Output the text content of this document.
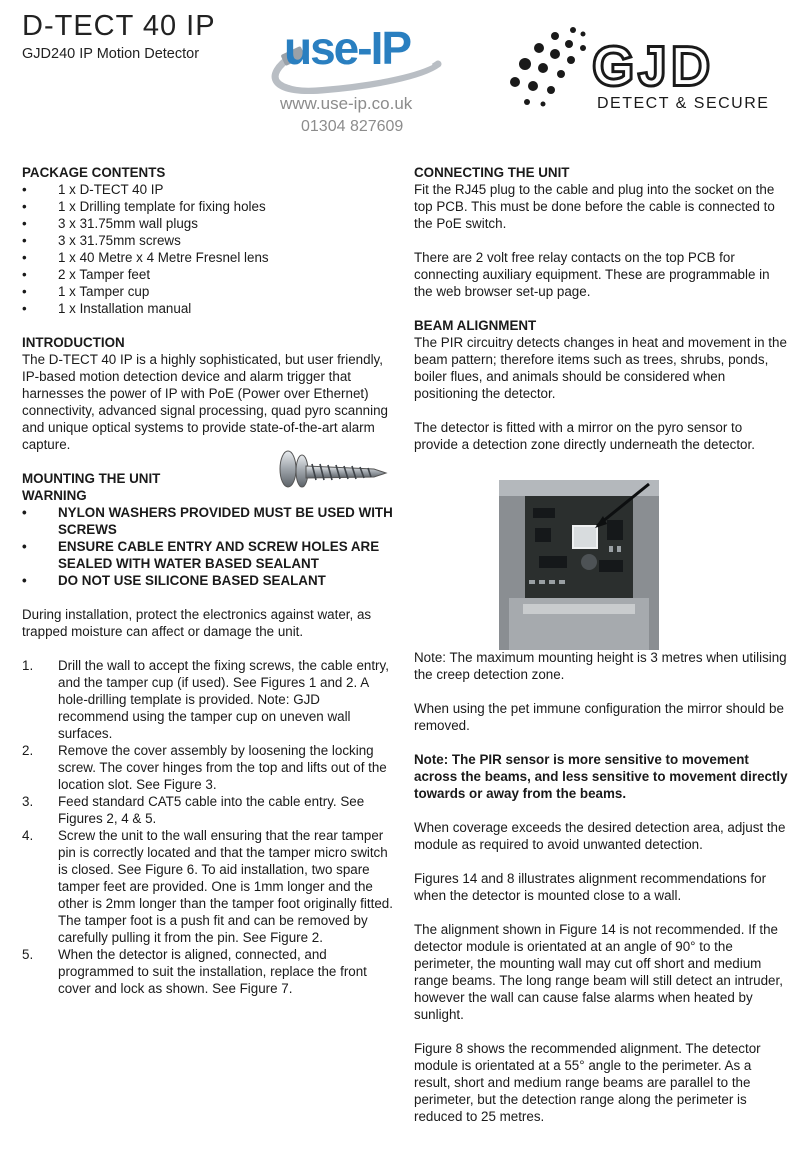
D-TECT 40 IP
GJD240 IP Motion Detector use-IP
www.use-ip.co.uk
01304 827609
GJD
DETECT & SECURE
PACKAGE CONTENTS
• 1 x D-TECT 40 IP
• 1 x Drilling template for fixing holes
• 3 x 31.75mm wall plugs
• 3 x 31.75mm screws
• 1 x 40 Metre x 4 Metre Fresnel lens
• 2 x Tamper feet
• 1 x Tamper cup
• 1 x Installation manual
INTRODUCTION

The D-TECT 40 IP is a highly sophisticated, but user friendly, IP-based motion detection device and alarm trigger that harnesses the power of IP with PoE (Power over Ethernet) connectivity, advanced signal processing, quad pyro scanning and unique optical systems to provide state-of-the-art alarm capture.

MOUNTING THE UNIT
WARNING
• NYLON WASHERS PROVIDED MUST BE USED WITH SCREWS
• ENSURE CABLE ENTRY AND SCREW HOLES ARE SEALED WITH WATER BASED SEALANT
• DO NOT USE SILICONE BASED SEALANT

During installation, protect the electronics against water, as trapped moisture can affect or damage the unit.

1. Drill the wall to accept the fixing screws, the cable entry, and the tamper cup (if used). See Figures 1 and 2. A hole-drilling template is provided. Note: GJD recommend using the tamper cup on uneven wall surfaces.
2. Remove the cover assembly by loosening the locking screw. The cover hinges from the top and lifts out of the location slot. See Figure 3.
3. Feed standard CAT5 cable into the cable entry. See Figures 2, 4 & 5.
4. Screw the unit to the wall ensuring that the rear tamper pin is correctly located and that the tamper micro switch is closed. See Figure 6. To aid installation, two spare tamper feet are provided. One is 1mm longer and the other is 2mm longer than the tamper foot originally fitted. The tamper foot is a push fit and can be removed by carefully pulling it from the pin. See Figure 2.
5. When the detector is aligned, connected, and programmed to suit the installation, replace the front cover and lock as shown. See Figure 7.
CONNECTING THE UNIT

Fit the RJ45 plug to the cable and plug into the socket on the top PCB. This must be done before the cable is connected to the PoE switch.

There are 2 volt free relay contacts on the top PCB for connecting auxiliary equipment. These are programmable in the web browser set-up page.

BEAM ALIGNMENT

The PIR circuitry detects changes in heat and movement in the beam pattern; therefore items such as trees, shrubs, ponds, boiler flues, and animals should be considered when positioning the detector.

The detector is fitted with a mirror on the pyro sensor to provide a detection zone directly underneath the detector.

Note: The maximum mounting height is 3 metres when utilising the creep detection zone.

When using the pet immune configuration the mirror should be removed.

Note: The PIR sensor is more sensitive to movement across the beams, and less sensitive to movement directly towards or away from the beams.

When coverage exceeds the desired detection area, adjust the module as required to avoid unwanted detection.

Figures 14 and 8 illustrates alignment recommendations for when the detector is mounted close to a wall.

The alignment shown in Figure 14 is not recommended. If the detector module is orientated at an angle of 90° to the perimeter, the mounting wall may cut off short and medium range beams. The long range beam will still detect an intruder, however the wall can cause false alarms when heated by sunlight.

Figure 8 shows the recommended alignment. The detector module is orientated at a 55° angle to the perimeter. As a result, short and medium range beams are parallel to the perimeter, but the detection range along the perimeter is reduced to 25 metres.
